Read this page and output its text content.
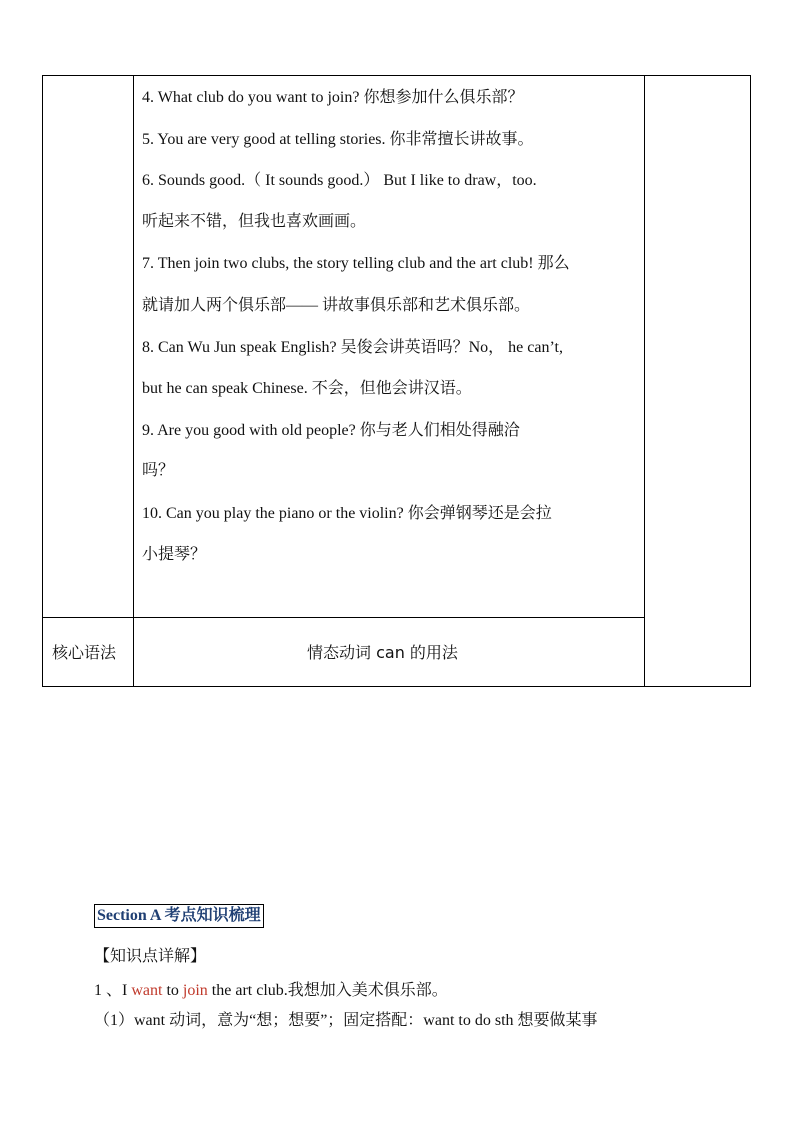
4. What club do you want to join? 你想参加什么俱乐部？
5. You are very good at telling stories. 你非常擅长讲故事。
6. Sounds good.（ It sounds good.） But I like to draw，too.
听起来不错，但我也喜欢画画。
7. Then join two clubs, the story telling club and the art club! 那么
就请加人两个俱乐部—— 讲故事俱乐部和艺术俱乐部。
8. Can Wu Jun speak English? 吴俊会讲英语吗？No， he can’t,
but he can speak Chinese. 不会，但他会讲汉语。
9. Are you good with old people? 你与老人们相处得融洽
吗？
10. Can you play the piano or the violin? 你会弹钢琴还是会拉
小提琴？
核心语法	情态动词 can 的用法
Section A 考点知识梳理
【知识点详解】
1 、I want to join the art club.我想加入美术俱乐部。
（1）want 动词，意为“想；想要”；固定搭配：want to do sth 想要做某事
